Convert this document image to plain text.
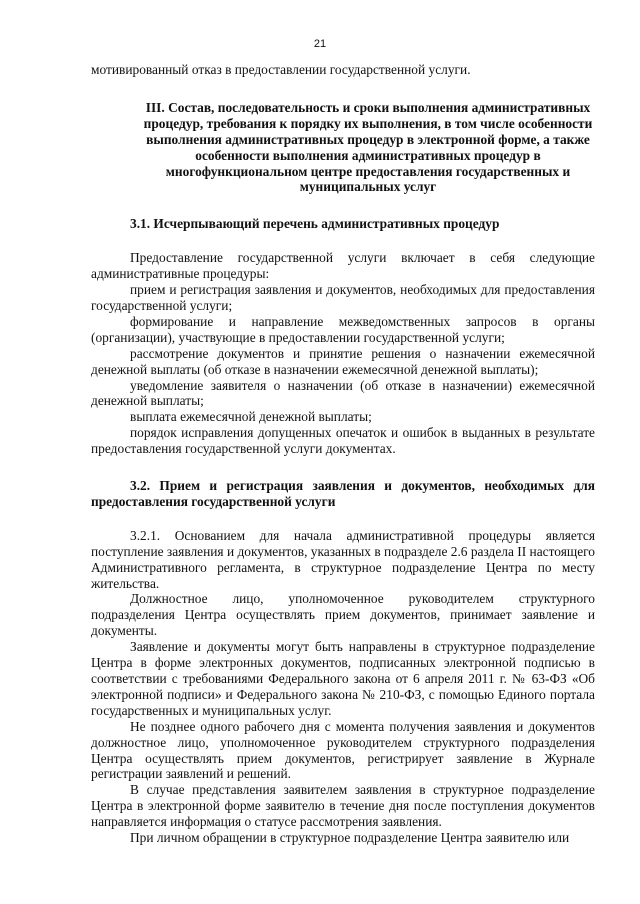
21

мотивированный отказ в предоставлении государственной услуги.

III. Состав, последовательность и сроки выполнения административных процедур, требования к порядку их выполнения, в том числе особенности выполнения административных процедур в электронной форме, а также особенности выполнения административных процедур в многофункциональном центре предоставления государственных и муниципальных услуг

3.1. Исчерпывающий перечень административных процедур

Предоставление государственной услуги включает в себя следующие административные процедуры:

прием и регистрация заявления и документов, необходимых для предоставления государственной услуги;

формирование и направление межведомственных запросов в органы (организации), участвующие в предоставлении государственной услуги;

рассмотрение документов и принятие решения о назначении ежемесячной денежной выплаты (об отказе в назначении ежемесячной денежной выплаты);

уведомление заявителя о назначении (об отказе в назначении) ежемесячной денежной выплаты;

выплата ежемесячной денежной выплаты;

порядок исправления допущенных опечаток и ошибок в выданных в результате предоставления государственной услуги документах.

3.2. Прием и регистрация заявления и документов, необходимых для предоставления государственной услуги

3.2.1. Основанием для начала административной процедуры является поступление заявления и документов, указанных в подразделе 2.6 раздела II настоящего Административного регламента, в структурное подразделение Центра по месту жительства.

Должностное лицо, уполномоченное руководителем структурного подразделения Центра осуществлять прием документов, принимает заявление и документы.

Заявление и документы могут быть направлены в структурное подразделение Центра в форме электронных документов, подписанных электронной подписью в соответствии с требованиями Федерального закона от 6 апреля 2011 г. № 63-ФЗ «Об электронной подписи» и Федерального закона № 210-ФЗ, с помощью Единого портала государственных и муниципальных услуг.

Не позднее одного рабочего дня с момента получения заявления и документов должностное лицо, уполномоченное руководителем структурного подразделения Центра осуществлять прием документов, регистрирует заявление в Журнале регистрации заявлений и решений.

В случае представления заявителем заявления в структурное подразделение Центра в электронной форме заявителю в течение дня после поступления документов направляется информация о статусе рассмотрения заявления.

При личном обращении в структурное подразделение Центра заявителю или
